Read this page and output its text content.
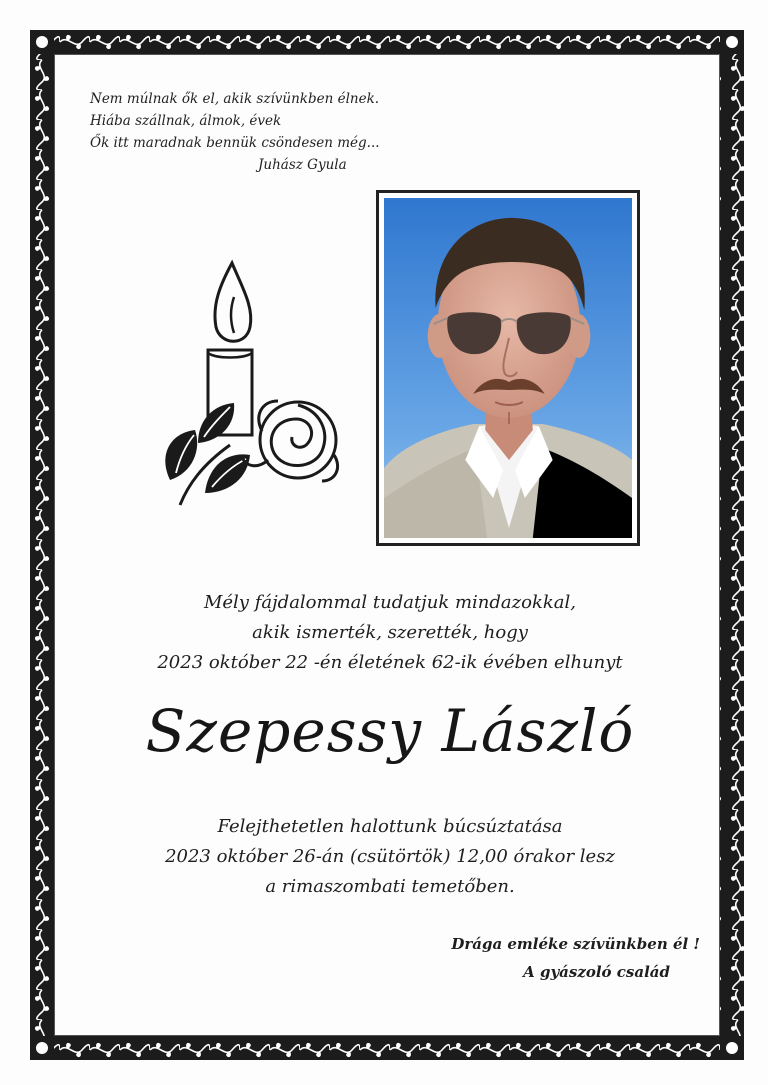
Nem múlnak ők el, akik szívünkben élnek.
Hiába szállnak, álmok, évek
Ők itt maradnak bennük csöndesen még...
Juhász Gyula
Mély fájdalommal tudatjuk mindazokkal,
akik ismerték, szerették, hogy
2023 október 22 -én életének 62-ik évében elhunyt
Szepessy László
Felejthetetlen halottunk búcsúztatása
2023 október 26-án (csütörtök) 12,00 órakor lesz
a rimaszombati temetőben.
Drága emléke szívünkben él !
A gyászoló család
